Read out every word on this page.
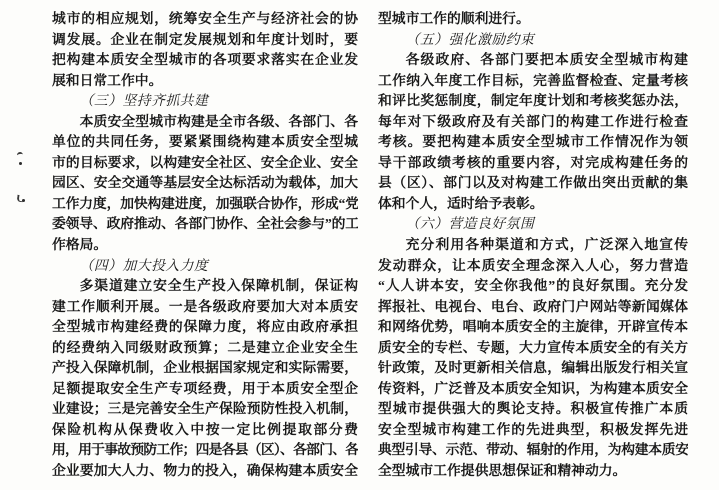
城市的相应规划，统筹安全生产与经济社会的协
调发展。企业在制定发展规划和年度计划时，要
把构建本质安全型城市的各项要求落实在企业发
展和日常工作中。
（三）坚持齐抓共建
本质安全型城市构建是全市各级、各部门、各
单位的共同任务，要紧紧围绕构建本质安全型城
市的目标要求，以构建安全社区、安全企业、安全
园区、安全交通等基层安全达标活动为载体，加大
工作力度，加快构建进度，加强联合协作，形成“党
委领导、政府推动、各部门协作、全社会参与”的工
作格局。
（四）加大投入力度
多渠道建立安全生产投入保障机制，保证构
建工作顺利开展。一是各级政府要加大对本质安
全型城市构建经费的保障力度，将应由政府承担
的经费纳入同级财政预算；二是建立企业安全生
产投入保障机制，企业根据国家规定和实际需要，
足额提取安全生产专项经费，用于本质安全型企
业建设；三是完善安全生产保险预防性投入机制，
保险机构从保费收入中按一定比例提取部分费
用，用于事故预防工作；四是各县（区）、各部门、各
企业要加大人力、物力的投入，确保构建本质安全
型城市工作的顺利进行。
（五）强化激励约束
各级政府、各部门要把本质安全型城市构建
工作纳入年度工作目标，完善监督检查、定量考核
和评比奖惩制度，制定年度计划和考核奖惩办法，
每年对下级政府及有关部门的构建工作进行检查
考核。要把构建本质安全型城市工作情况作为领
导干部政绩考核的重要内容，对完成构建任务的
县（区）、部门以及对构建工作做出突出贡献的集
体和个人，适时给予表彰。
（六）营造良好氛围
充分利用各种渠道和方式，广泛深入地宣传
发动群众，让本质安全理念深入人心，努力营造
“人人讲本安，安全你我他”的良好氛围。充分发
挥报社、电视台、电台、政府门户网站等新闻媒体
和网络优势，唱响本质安全的主旋律，开辟宣传本
质安全的专栏、专题，大力宣传本质安全的有关方
针政策，及时更新相关信息，编辑出版发行相关宣
传资料，广泛普及本质安全知识，为构建本质安全
型城市提供强大的舆论支持。积极宣传推广本质
安全型城市构建工作的先进典型，积极发挥先进
典型引导、示范、带动、辐射的作用，为构建本质安
全型城市工作提供思想保证和精神动力。
